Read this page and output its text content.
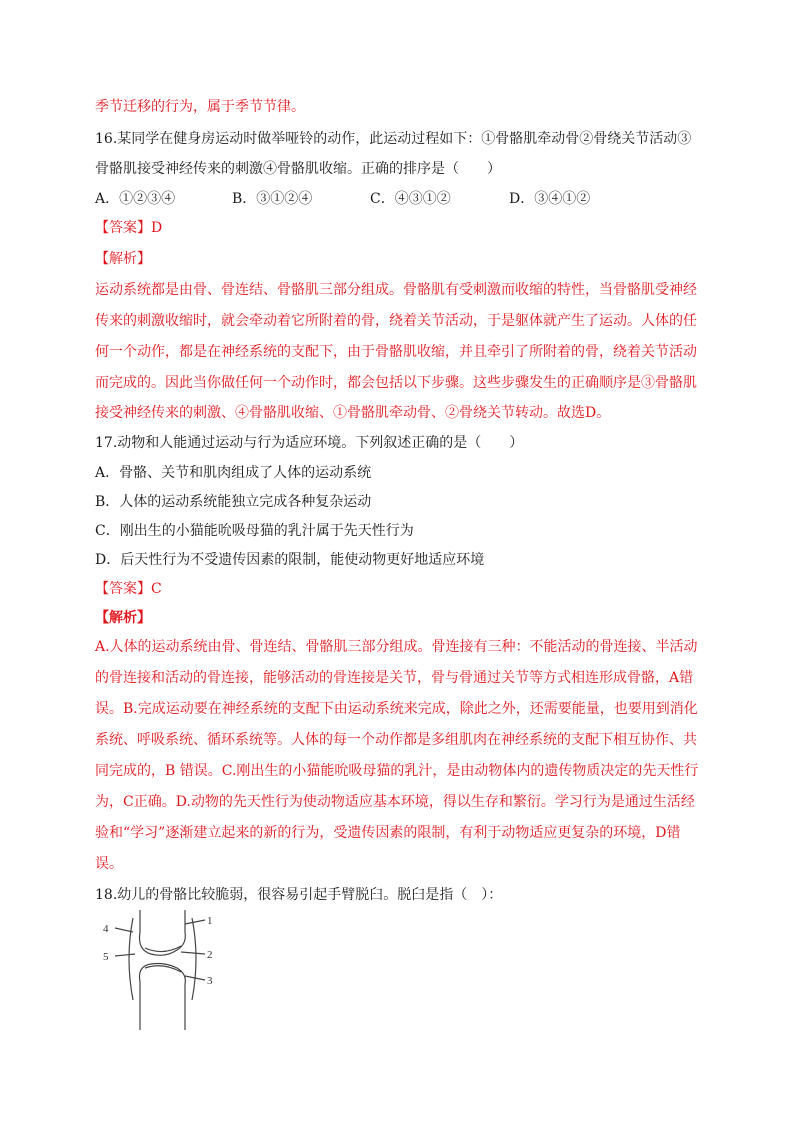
季节迁移的行为，属于季节节律。
16.某同学在健身房运动时做举哑铃的动作，此运动过程如下：①骨骼肌牵动骨②骨绕关节活动③
骨骼肌接受神经传来的刺激④骨骼肌收缩。正确的排序是（　　）
A．①②③④	B．③①②④	C．④③①②	D．③④①②
【答案】D
【解析】
运动系统都是由骨、骨连结、骨骼肌三部分组成。骨骼肌有受刺激而收缩的特性，当骨骼肌受神经
传来的刺激收缩时，就会牵动着它所附着的骨，绕着关节活动，于是躯体就产生了运动。人体的任
何一个动作，都是在神经系统的支配下，由于骨骼肌收缩，并且牵引了所附着的骨，绕着关节活动
而完成的。因此当你做任何一个动作时，都会包括以下步骤。这些步骤发生的正确顺序是③骨骼肌
接受神经传来的刺激、④骨骼肌收缩、①骨骼肌牵动骨、②骨绕关节转动。故选D。
17.动物和人能通过运动与行为适应环境。下列叙述正确的是（　　）
A．骨骼、关节和肌肉组成了人体的运动系统
B．人体的运动系统能独立完成各种复杂运动
C．刚出生的小猫能吮吸母猫的乳汁属于先天性行为
D．后天性行为不受遗传因素的限制，能使动物更好地适应环境
【答案】C
【解析】
A.人体的运动系统由骨、骨连结、骨骼肌三部分组成。骨连接有三种：不能活动的骨连接、半活动
的骨连接和活动的骨连接，能够活动的骨连接是关节，骨与骨通过关节等方式相连形成骨骼，A错
误。B.完成运动要在神经系统的支配下由运动系统来完成，除此之外，还需要能量，也要用到消化
系统、呼吸系统、循环系统等。人体的每一个动作都是多组肌肉在神经系统的支配下相互协作、共
同完成的，B 错误。C.刚出生的小猫能吮吸母猫的乳汁，是由动物体内的遗传物质决定的先天性行
为，C正确。D.动物的先天性行为使动物适应基本环境，得以生存和繁衍。学习行为是通过生活经
验和“学习”逐渐建立起来的新的行为，受遗传因素的限制，有利于动物适应更复杂的环境，D错
误。
18.幼儿的骨骼比较脆弱，很容易引起手臂脱臼。脱臼是指（　）：
1
2
3
4
5
